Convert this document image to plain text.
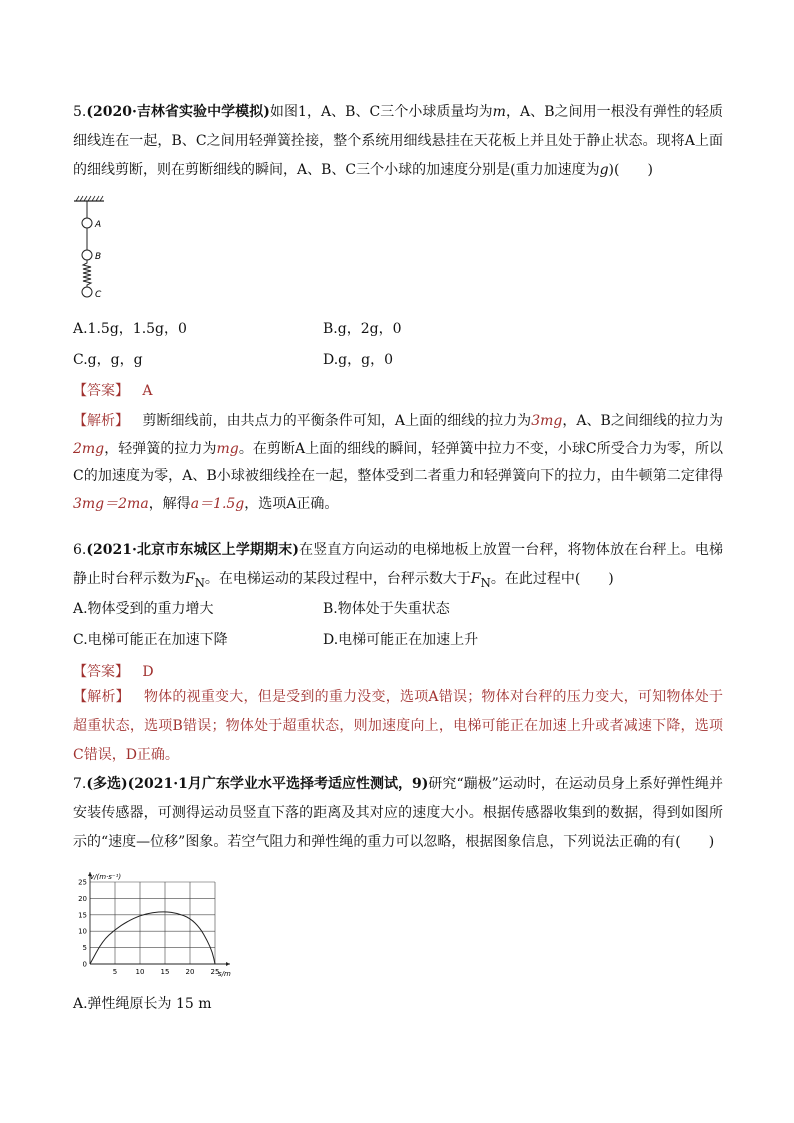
5.(2020·吉林省实验中学模拟)如图1，A、B、C三个小球质量均为m，A、B之间用一根没有弹性的轻质细线连在一起，B、C之间用轻弹簧拴接，整个系统用细线悬挂在天花板上并且处于静止状态。现将A上面的细线剪断，则在剪断细线的瞬间，A、B、C三个小球的加速度分别是(重力加速度为g)(　　)
A
B
C
A.1.5g，1.5g，0	B.g，2g，0
C.g，g，g	D.g，g，0
【答案】 A
【解析】 剪断细线前，由共点力的平衡条件可知，A上面的细线的拉力为3mg，A、B之间细线的拉力为2mg，轻弹簧的拉力为mg。在剪断A上面的细线的瞬间，轻弹簧中拉力不变，小球C所受合力为零，所以C的加速度为零，A、B小球被细线拴在一起，整体受到二者重力和轻弹簧向下的拉力，由牛顿第二定律得3mg＝2ma，解得a＝1.5g，选项A正确。
6.(2021·北京市东城区上学期期末)在竖直方向运动的电梯地板上放置一台秤，将物体放在台秤上。电梯静止时台秤示数为$F_N$。在电梯运动的某段过程中，台秤示数大于$F_N$。在此过程中(　　)
A.物体受到的重力增大	B.物体处于失重状态
C.电梯可能正在加速下降	D.电梯可能正在加速上升
【答案】 D
【解析】 物体的视重变大，但是受到的重力没变，选项A错误；物体对台秤的压力变大，可知物体处于超重状态，选项B错误；物体处于超重状态，则加速度向上，电梯可能正在加速上升或者减速下降，选项C错误，D正确。
7.(多选)(2021·1月广东学业水平选择考适应性测试，9)研究“蹦极”运动时，在运动员身上系好弹性绳并安装传感器，可测得运动员竖直下落的距离及其对应的速度大小。根据传感器收集到的数据，得到如图所示的“速度—位移”图象。若空气阻力和弹性绳的重力可以忽略，根据图象信息，下列说法正确的有(　　)
5	10 15 20 25
0
5
10
15
20
25
v/(m·s⁻¹)
s/m
A.弹性绳原长为 15 m
